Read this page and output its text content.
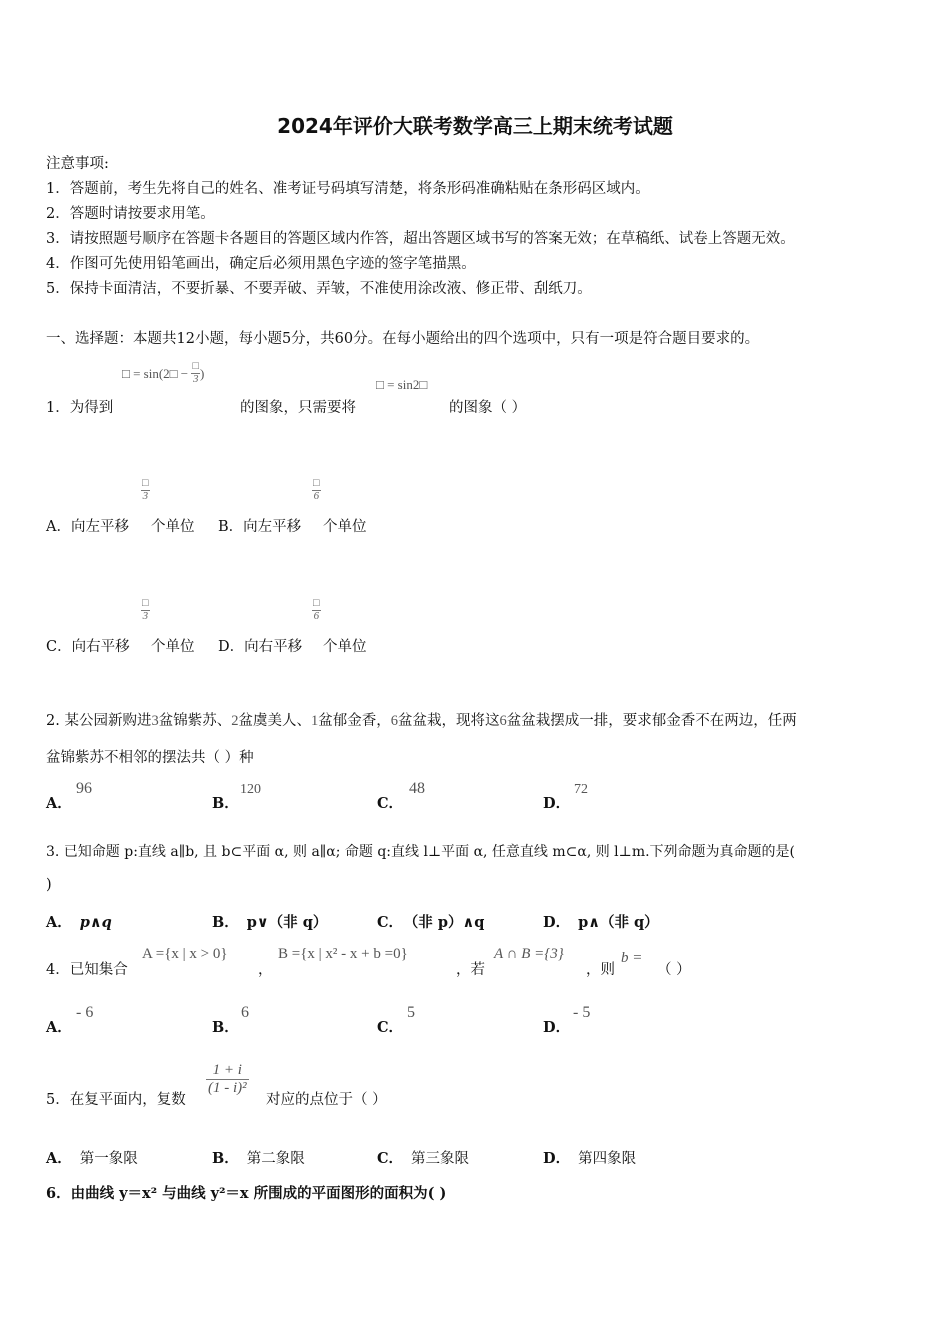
2024年评价大联考数学高三上期末统考试题
注意事项:
1．答题前，考生先将自己的姓名、准考证号码填写清楚，将条形码准确粘贴在条形码区域内。
2．答题时请按要求用笔。
3．请按照题号顺序在答题卡各题目的答题区域内作答，超出答题区域书写的答案无效；在草稿纸、试卷上答题无效。
4．作图可先使用铅笔画出，确定后必须用黑色字迹的签字笔描黑。
5．保持卡面清洁，不要折暴、不要弄破、弄皱，不准使用涂改液、修正带、刮纸刀。
一、选择题：本题共12小题，每小题5分，共60分。在每小题给出的四个选项中，只有一项是符合题目要求的。
□ = sin(2□ − $\frac{□}{3}$)
□ = sin2□
1．为得到	的图象，只需要将	的图象（ ）
□
3
□
6
A．向左平移 个单位 B．向左平移 个单位
□
3
□
6
C．向右平移 个单位 D．向右平移 个单位
2. 某公园新购进3盆锦紫苏、2盆虞美人、1盆郁金香，6盆盆栽，现将这6盆盆栽摆成一排，要求郁金香不在两边，任两
盆锦紫苏不相邻的摆法共（ ）种
A．
96
B．
120
C．
48
D．
72
3. 已知命题 p:直线 a∥b, 且 b⊂平面 α, 则 a∥α; 命题 q:直线 l⊥平面 α, 任意直线 m⊂α, 则 l⊥m.下列命题为真命题的是(
)
A． p∧q	B． p∨（非 q）	C． （非 p）∧q	D． p∧（非 q）
4．已知集合
A ={x | x > 0}
，
B ={x | x² - x + b =0}
，若
A ∩ B ={3}
，则
b =
（ ）
A．
- 6
B．
6
C．
5
D．
- 5
5．在复平面内，复数
$\frac{1 + i}{\text{(1 - i)²}}$
对应的点位于（ ）
A． 第一象限	B． 第二象限	C． 第三象限	D． 第四象限
6．由曲线 y＝x² 与曲线 y²＝x 所围成的平面图形的面积为( )
